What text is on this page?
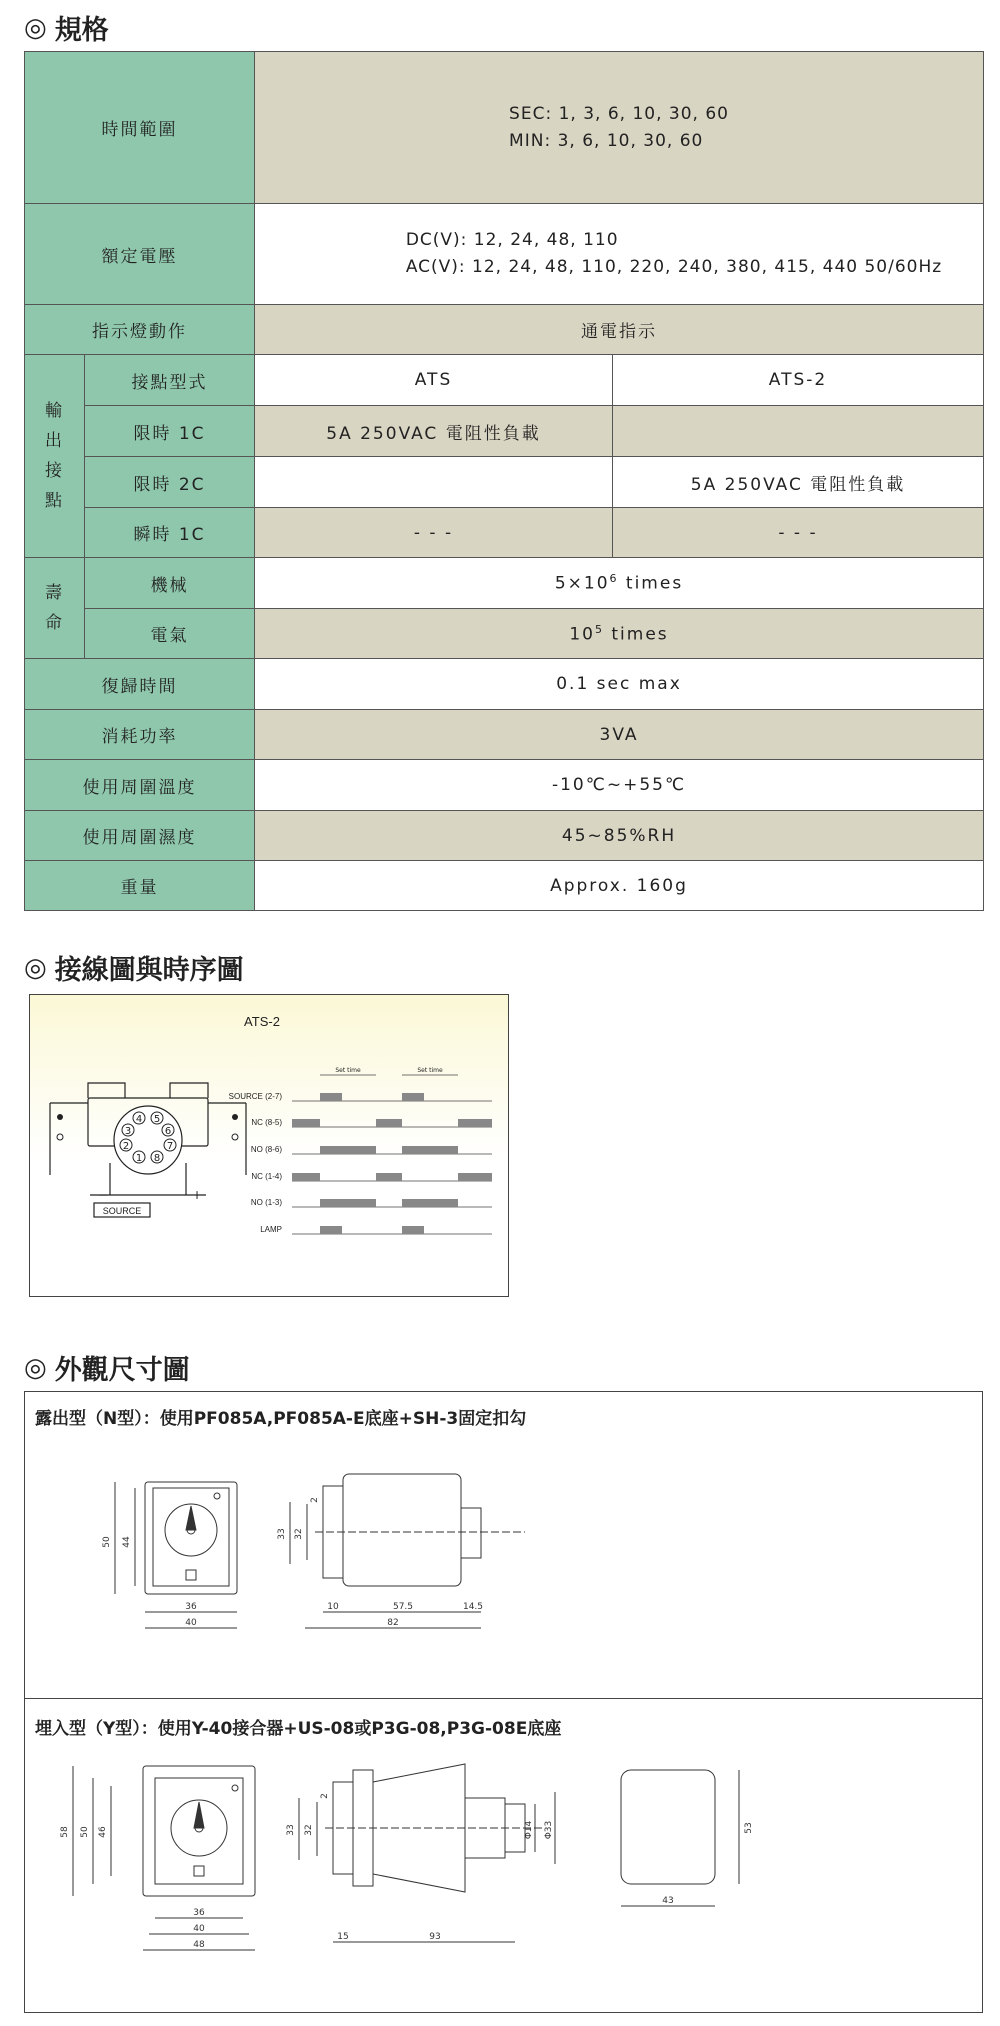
◎ 規格
時間範圍		SEC: 1, 3, 6, 10, 30, 60
MIN: 3, 6, 10, 30, 60	
額定電壓		DC(V): 12, 24, 48, 110
AC(V): 12, 24, 48, 110, 220, 240, 380, 415, 440 50/60Hz	
指示燈動作		通電指示	
輸
出
接
點	接點型式	ATS	ATS-2
	限時 1C	5A 250VAC 電阻性負載	
	限時 2C		5A 250VAC 電阻性負載
	瞬時 1C	- - -	- - -
壽
命	機械	$5\times 10^6$ times	
	電氣	$10^5$ times	
復歸時間		0.1 sec max	
消耗功率		3VA	
使用周圍溫度		-10℃~+55℃	
使用周圍濕度		45~85%RH	
重量		Approx. 160g	
◎ 接線圖與時序圖
ATS-2
4 5
3	6
2	7
1 8
−	+
SOURCE
SOURCE (2-7)
NC (8-5)
NO (8-6)
NC (1-4)
NO (1-3)
LAMP
Set time	Set time
◎ 外觀尺寸圖
露出型（N型）：使用PF085A,PF085A-E底座+SH-3固定扣勾
埋入型（Y型）：使用Y-40接合器+US-08或P3G-08,P3G-08E底座
50 44
36
40
33 32
2
10	57.5	14.5
82
58 50 46
36
40
48
33 32
2
15	93
Φ14 Φ33	53
43
